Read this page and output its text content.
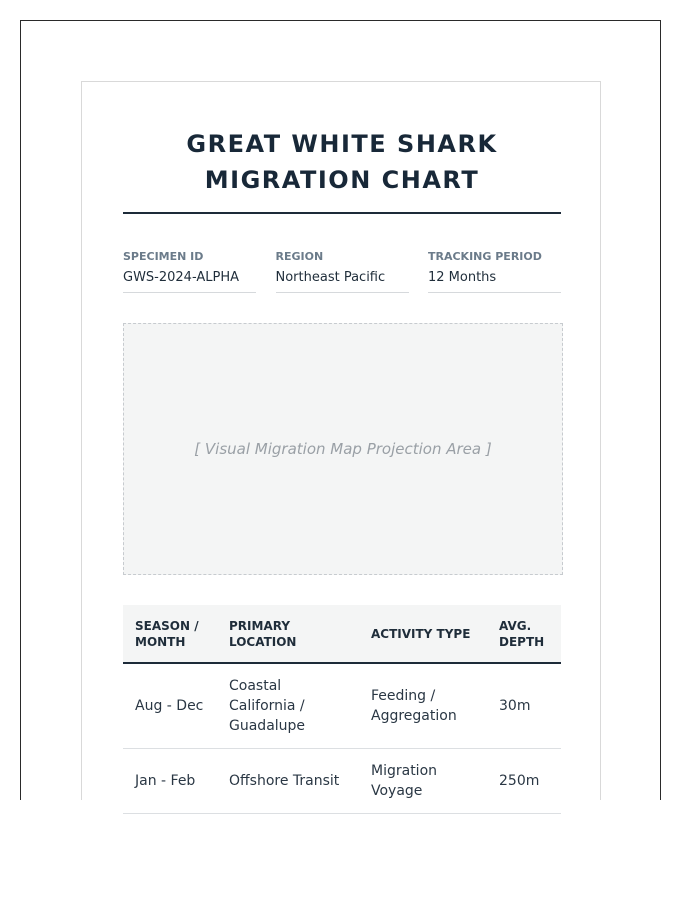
GREAT WHITE SHARK
MIGRATION CHART
SPECIMEN ID
GWS-2024-ALPHA
REGION
Northeast Pacific
TRACKING PERIOD
12 Months
[ Visual Migration Map Projection Area ]
SEASON / MONTH	PRIMARY LOCATION	ACTIVITY TYPE	AVG. DEPTH
Aug - Dec	Coastal California / Guadalupe	Feeding / Aggregation	30m
Jan - Feb	Offshore Transit	Migration Voyage	250m
